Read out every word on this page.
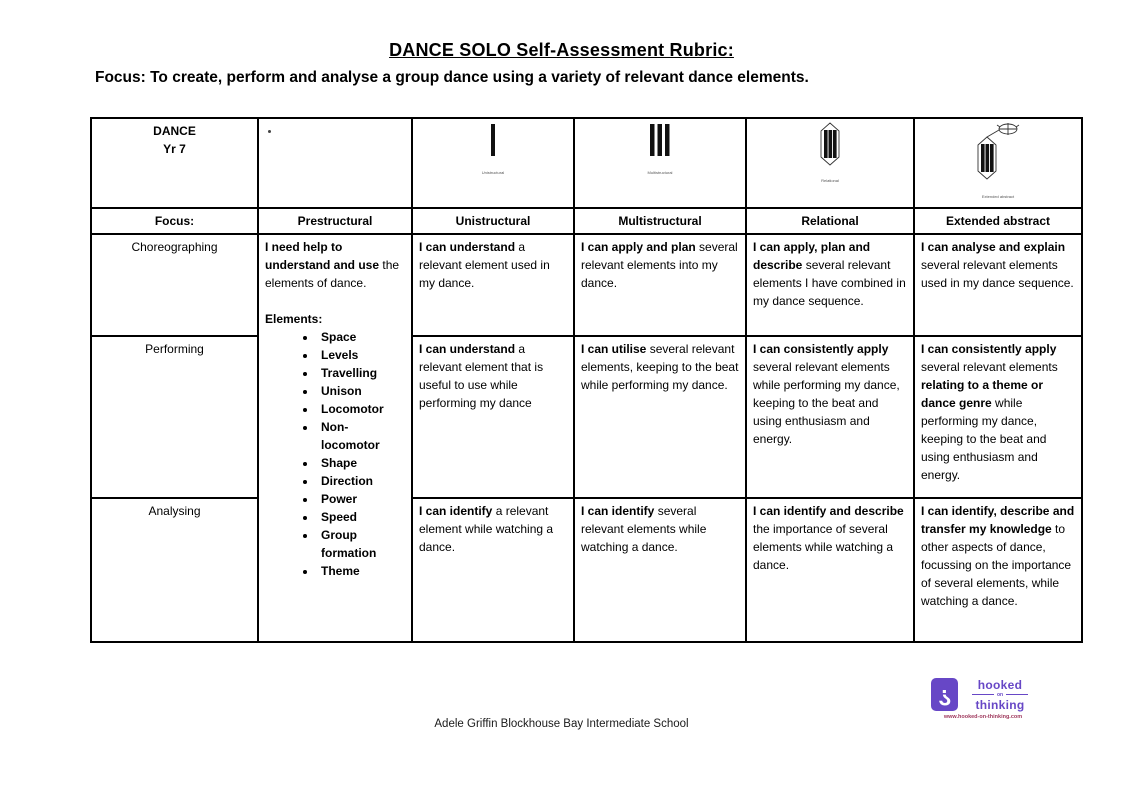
DANCE SOLO Self-Assessment Rubric:
Focus: To create, perform and analyse a group dance using a variety of relevant dance elements.
DANCE
Yr 7		Unistructural	Multistructural	Relational	Extended abstract

Focus:	Prestructural	Unistructural	Multistructural	Relational	Extended abstract
Choreographing	I need help to understand and use the elements of dance.
Elements:
• Space
• Levels
• Travelling
• Unison
• Locomotor
• Non-locomotor
• Shape
• Direction
• Power
• Speed
• Group formation
• Theme
	I can understand a relevant element used in my dance.	I can apply and plan several relevant elements into my dance.	I can apply, plan and describe several relevant elements I have combined in my dance sequence.	I can analyse and explain several relevant elements used in my dance sequence.
Performing		I can understand a relevant element that is useful to use while performing my dance	I can utilise several relevant elements, keeping to the beat while performing my dance.	I can consistently apply several relevant elements while performing my dance, keeping to the beat and using enthusiasm and energy.	I can consistently apply several relevant elements relating to a theme or dance genre while performing my dance, keeping to the beat and using enthusiasm and energy.
Analysing		I can identify a relevant element while watching a dance.	I can identify several relevant elements while watching a dance.	I can identify and describe the importance of several elements while watching a dance.	I can identify, describe and transfer my knowledge to other aspects of dance, focussing on the importance of several elements, while watching a dance.
Adele Griffin Blockhouse Bay Intermediate School
¿	hooked
on
thinking
www.hooked-on-thinking.com
